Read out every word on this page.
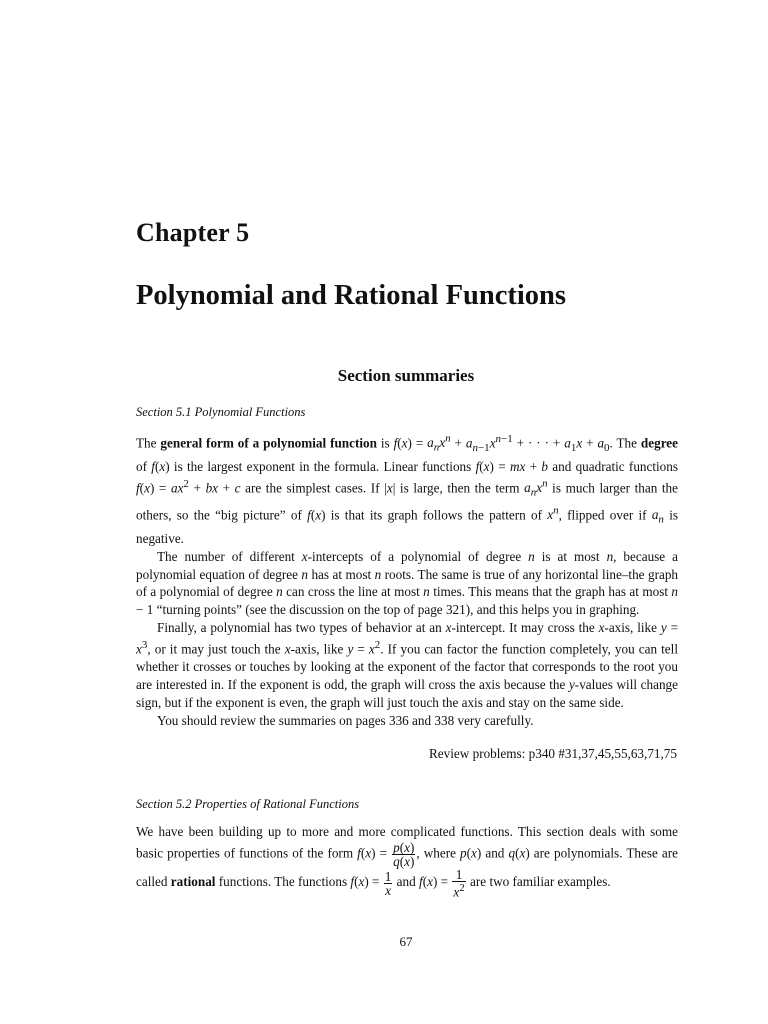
Chapter 5
Polynomial and Rational Functions
Section summaries
Section 5.1 Polynomial Functions

The general form of a polynomial function is $f(x) = a_nx^n + a_{n-1}x^{n-1}$ + · · · + $a_1x + a_0$. The degree of f(x) is the largest exponent in the formula. Linear functions f(x) = mx + b and quadratic functions $f(x) = ax^2$ + bx + c are the simplest cases. If |x| is large, then the term $a_nx^n$ is much larger than the others, so the “big picture” of f(x) is that its graph follows the pattern of $x^n$, flipped over if $a_n$ is negative.

The number of different x-intercepts of a polynomial of degree n is at most n, because a polynomial equation of degree n has at most n roots. The same is true of any horizontal line–the graph of a polynomial of degree n can cross the line at most n times. This means that the graph has at most n − 1 “turning points” (see the discussion on the top of page 321), and this helps you in graphing.

Finally, a polynomial has two types of behavior at an x-intercept. It may cross the x-axis, like $y = x^3$, or it may just touch the x-axis, like $y = x^2$. If you can factor the function completely, you can tell whether it crosses or touches by looking at the exponent of the factor that corresponds to the root you are interested in. If the exponent is odd, the graph will cross the axis because the y-values will change sign, but if the exponent is even, the graph will just touch the axis and stay on the same side.

You should review the summaries on pages 336 and 338 very carefully.

Review problems: p340 #31,37,45,55,63,71,75
Section 5.2 Properties of Rational Functions

We have been building up to more and more complicated functions. This section deals with some basic properties of functions of the form $f(x) = \frac{p(x)}{q(x)}$ , where p(x) and q(x) are polynomials. These are called rational functions. The functions $f(x) = \frac{1}{x}$ and $f(x) = \frac{1}{x^2}$ are two familiar examples.

67
